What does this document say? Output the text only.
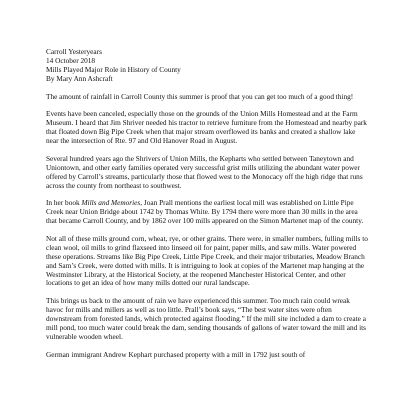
Carroll Yesteryears
14 October 2018
Mills Played Major Role in History of County
By Mary Ann Ashcraft

The amount of rainfall in Carroll County this summer is proof that you can get too much of a good thing!

Events have been canceled, especially those on the grounds of the Union Mills Homestead and at the Farm Museum. I heard that Jim Shriver needed his tractor to retrieve furniture from the Homestead and nearby park that floated down Big Pipe Creek when that major stream overflowed its banks and created a shallow lake near the intersection of Rte. 97 and Old Hanover Road in August.

Several hundred years ago the Shrivers of Union Mills, the Kepharts who settled between Taneytown and Uniontown, and other early families operated very successful grist mills utilizing the abundant water power offered by Carroll’s streams, particularly those that flowed west to the Monocacy off the high ridge that runs across the county from northeast to southwest.

In her book Mills and Memories, Joan Prall mentions the earliest local mill was established on Little Pipe Creek near Union Bridge about 1742 by Thomas White. By 1794 there were more than 30 mills in the area that became Carroll County, and by 1862 over 100 mills appeared on the Simon Martenet map of the county.

Not all of these mills ground corn, wheat, rye, or other grains. There were, in smaller numbers, fulling mills to clean wool, oil mills to grind flaxseed into linseed oil for paint, paper mills, and saw mills. Water powered these operations. Streams like Big Pipe Creek, Little Pipe Creek, and their major tributaries, Meadow Branch and Sam’s Creek, were dotted with mills. It is intriguing to look at copies of the Martenet map hanging at the Westminster Library, at the Historical Society, at the reopened Manchester Historical Center, and other locations to get an idea of how many mills dotted our rural landscape.

This brings us back to the amount of rain we have experienced this summer. Too much rain could wreak havoc for mills and millers as well as too little. Prall’s book says, “The best water sites were often downstream from forested lands, which protected against flooding.” If the mill site included a dam to create a mill pond, too much water could break the dam, sending thousands of gallons of water toward the mill and its vulnerable wooden wheel.

German immigrant Andrew Kephart purchased property with a mill in 1792 just south of
